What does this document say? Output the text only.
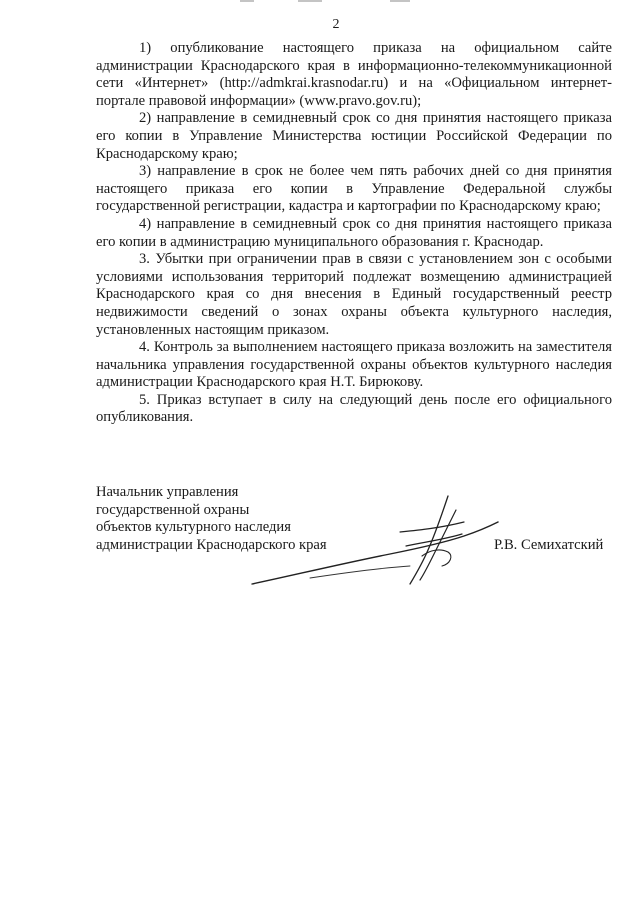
2

1) опубликование настоящего приказа на официальном сайте администрации Краснодарского края в информационно-телекоммуникационной сети «Интернет» (http://admkrai.krasnodar.ru) и на «Официальном интернет-портале правовой информации» (www.pravo.gov.ru);

2) направление в семидневный срок со дня принятия настоящего приказа его копии в Управление Министерства юстиции Российской Федерации по Краснодарскому краю;

3) направление в срок не более чем пять рабочих дней со дня принятия настоящего приказа его копии в Управление Федеральной службы государственной регистрации, кадастра и картографии по Краснодарскому краю;

4) направление в семидневный срок со дня принятия настоящего приказа его копии в администрацию муниципального образования г. Краснодар.

3. Убытки при ограничении прав в связи с установлением зон с особыми условиями использования территорий подлежат возмещению администрацией Краснодарского края со дня внесения в Единый государственный реестр недвижимости сведений о зонах охраны объекта культурного наследия, установленных настоящим приказом.

4. Контроль за выполнением настоящего приказа возложить на заместителя начальника управления государственной охраны объектов культурного наследия администрации Краснодарского края Н.Т. Бирюкову.

5. Приказ вступает в силу на следующий день после его официального опубликования.

Начальник управления
государственной охраны
объектов культурного наследия
администрации Краснодарского края	Р.В. Семихатский
